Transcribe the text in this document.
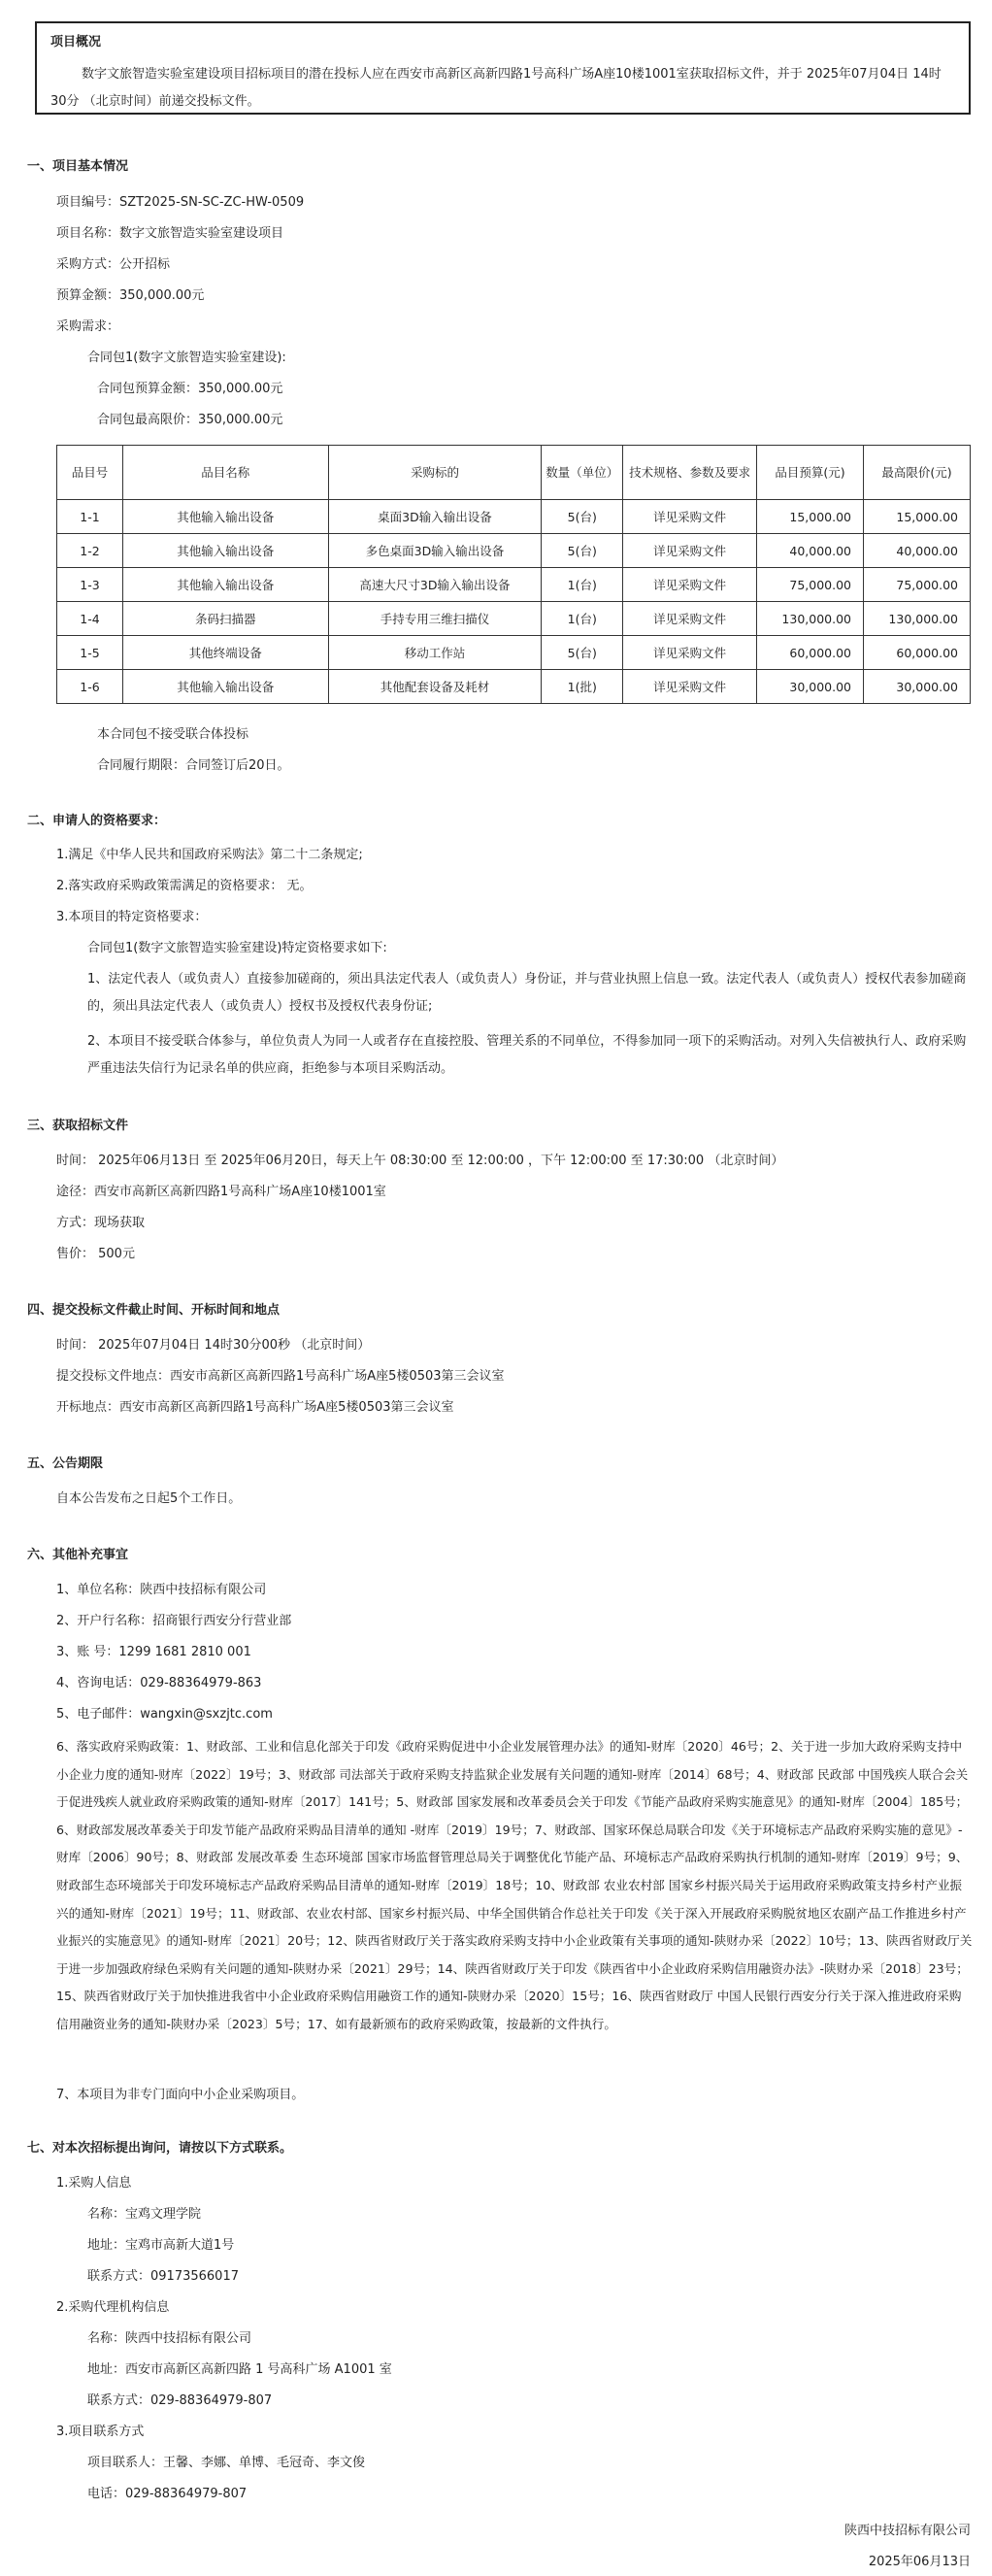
项目概况
数字文旅智造实验室建设项目招标项目的潜在投标人应在西安市高新区高新四路1号高科广场A座10楼1001室获取招标文件，并于 2025年07月04日 14时30分 （北京时间）前递交投标文件。
一、项目基本情况
项目编号：SZT2025-SN-SC-ZC-HW-0509
项目名称：数字文旅智造实验室建设项目
采购方式：公开招标
预算金额：350,000.00元
采购需求：
合同包1(数字文旅智造实验室建设):
合同包预算金额：350,000.00元
合同包最高限价：350,000.00元
品目号	品目名称	采购标的	数量（单位）	技术规格、参数及要求	品目预算(元)	最高限价(元)
1-1	其他输入输出设备	桌面3D输入输出设备	5(台)	详见采购文件	15,000.00	15,000.00
1-2	其他输入输出设备	多色桌面3D输入输出设备	5(台)	详见采购文件	40,000.00	40,000.00
1-3	其他输入输出设备	高速大尺寸3D输入输出设备	1(台)	详见采购文件	75,000.00	75,000.00
1-4	条码扫描器	手持专用三维扫描仪	1(台)	详见采购文件	130,000.00	130,000.00
1-5	其他终端设备	移动工作站	5(台)	详见采购文件	60,000.00	60,000.00
1-6	其他输入输出设备	其他配套设备及耗材	1(批)	详见采购文件	30,000.00	30,000.00
本合同包不接受联合体投标
合同履行期限：合同签订后20日。
二、申请人的资格要求：
1.满足《中华人民共和国政府采购法》第二十二条规定;
2.落实政府采购政策需满足的资格要求： 无。
3.本项目的特定资格要求：
合同包1(数字文旅智造实验室建设)特定资格要求如下:
1、法定代表人（或负责人）直接参加磋商的，须出具法定代表人（或负责人）身份证，并与营业执照上信息一致。法定代表人（或负责人）授权代表参加磋商的，须出具法定代表人（或负责人）授权书及授权代表身份证;
2、本项目不接受联合体参与，单位负责人为同一人或者存在直接控股、管理关系的不同单位，不得参加同一项下的采购活动。对列入失信被执行人、政府采购严重违法失信行为记录名单的供应商，拒绝参与本项目采购活动。
三、获取招标文件
时间： 2025年06月13日 至 2025年06月20日，每天上午 08:30:00 至 12:00:00 ，下午 12:00:00 至 17:30:00 （北京时间）
途径：西安市高新区高新四路1号高科广场A座10楼1001室
方式：现场获取
售价： 500元
四、提交投标文件截止时间、开标时间和地点
时间： 2025年07月04日 14时30分00秒 （北京时间）
提交投标文件地点：西安市高新区高新四路1号高科广场A座5楼0503第三会议室
开标地点：西安市高新区高新四路1号高科广场A座5楼0503第三会议室
五、公告期限
自本公告发布之日起5个工作日。
六、其他补充事宜
1、单位名称：陕西中技招标有限公司
2、开户行名称：招商银行西安分行营业部
3、账 号：1299 1681 2810 001
4、咨询电话：029-88364979-863
5、电子邮件：wangxin@sxzjtc.com
6、落实政府采购政策：1、财政部、工业和信息化部关于印发《政府采购促进中小企业发展管理办法》的通知-财库〔2020〕46号；2、关于进一步加大政府采购支持中小企业力度的通知-财库〔2022〕19号；3、财政部 司法部关于政府采购支持监狱企业发展有关问题的通知-财库〔2014〕68号；4、财政部 民政部 中国残疾人联合会关于促进残疾人就业政府采购政策的通知-财库〔2017〕141号；5、财政部 国家发展和改革委员会关于印发《节能产品政府采购实施意见》的通知-财库〔2004〕185号；6、财政部发展改革委关于印发节能产品政府采购品目清单的通知 -财库〔2019〕19号；7、财政部、国家环保总局联合印发《关于环境标志产品政府采购实施的意见》-财库〔2006〕90号；8、财政部 发展改革委 生态环境部 国家市场监督管理总局关于调整优化节能产品、环境标志产品政府采购执行机制的通知-财库〔2019〕9号；9、财政部生态环境部关于印发环境标志产品政府采购品目清单的通知-财库〔2019〕18号；10、财政部 农业农村部 国家乡村振兴局关于运用政府采购政策支持乡村产业振兴的通知-财库〔2021〕19号；11、财政部、农业农村部、国家乡村振兴局、中华全国供销合作总社关于印发《关于深入开展政府采购脱贫地区农副产品工作推进乡村产业振兴的实施意见》的通知-财库〔2021〕20号；12、陕西省财政厅关于落实政府采购支持中小企业政策有关事项的通知-陕财办采〔2022〕10号；13、陕西省财政厅关于进一步加强政府绿色采购有关问题的通知-陕财办采〔2021〕29号；14、陕西省财政厅关于印发《陕西省中小企业政府采购信用融资办法》-陕财办采〔2018〕23号；15、陕西省财政厅关于加快推进我省中小企业政府采购信用融资工作的通知-陕财办采〔2020〕15号；16、陕西省财政厅 中国人民银行西安分行关于深入推进政府采购信用融资业务的通知-陕财办采〔2023〕5号；17、如有最新颁布的政府采购政策，按最新的文件执行。
7、本项目为非专门面向中小企业采购项目。
七、对本次招标提出询问，请按以下方式联系。
1.采购人信息
名称：宝鸡文理学院
地址：宝鸡市高新大道1号
联系方式：09173566017
2.采购代理机构信息
名称：陕西中技招标有限公司
地址：西安市高新区高新四路 1 号高科广场 A1001 室
联系方式：029-88364979-807
3.项目联系方式
项目联系人：王馨、李娜、单博、毛冠奇、李文俊
电话：029-88364979-807
陕西中技招标有限公司
2025年06月13日
